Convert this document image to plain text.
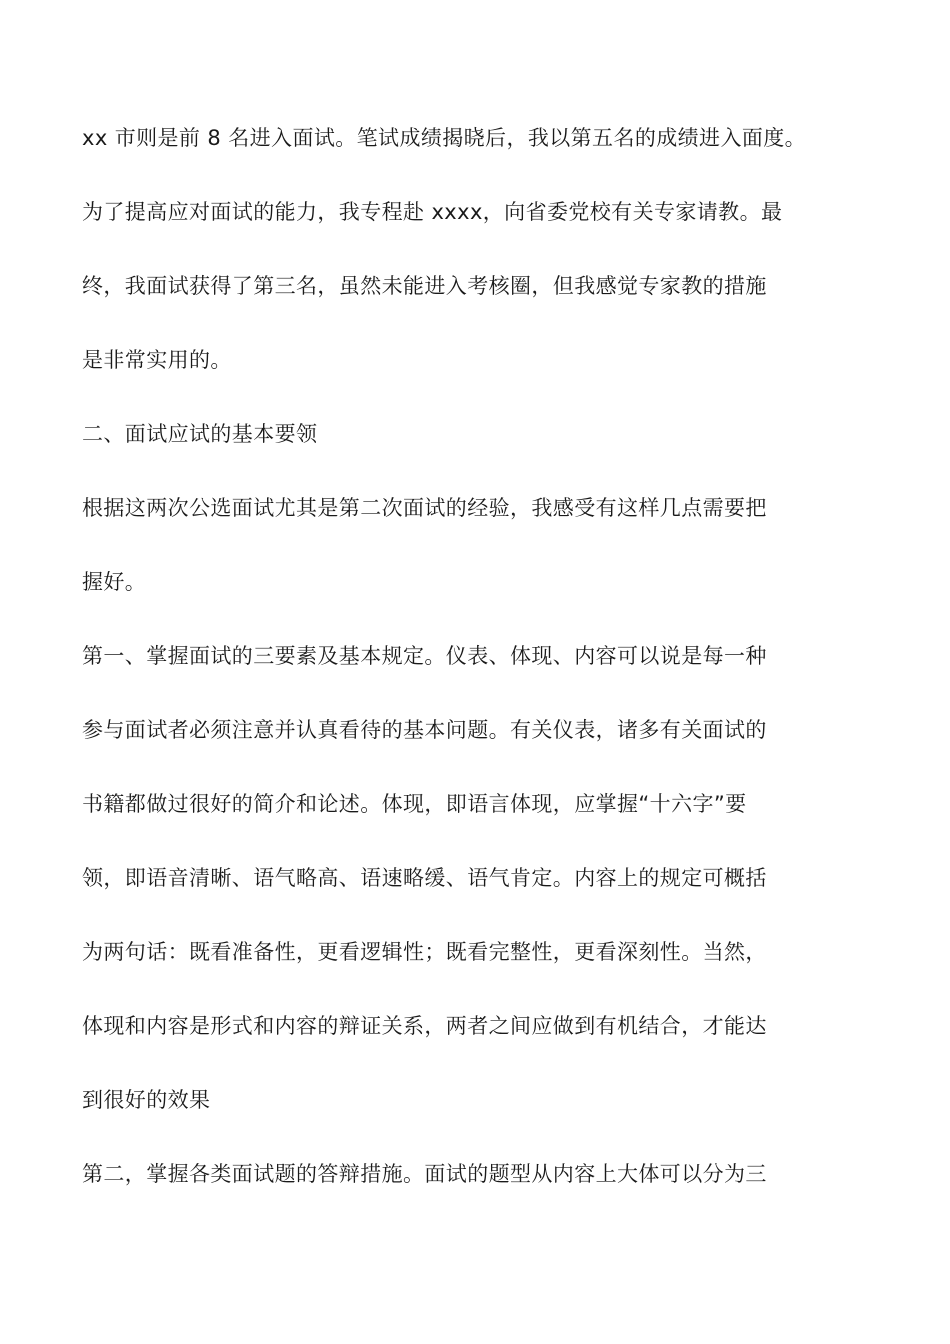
xx 市则是前 8 名进入面试。笔试成绩揭晓后，我以第五名的成绩进入面度。
为了提高应对面试的能力，我专程赴 xxxx，向省委党校有关专家请教。最
终，我面试获得了第三名，虽然未能进入考核圈，但我感觉专家教的措施
是非常实用的。
二、面试应试的基本要领
根据这两次公选面试尤其是第二次面试的经验，我感受有这样几点需要把
握好。
第一、掌握面试的三要素及基本规定。仪表、体现、内容可以说是每一种
参与面试者必须注意并认真看待的基本问题。有关仪表，诸多有关面试的
书籍都做过很好的简介和论述。体现，即语言体现，应掌握“十六字”要
领，即语音清晰、语气略高、语速略缓、语气肯定。内容上的规定可概括
为两句话：既看准备性，更看逻辑性；既看完整性，更看深刻性。当然，
体现和内容是形式和内容的辩证关系，两者之间应做到有机结合，才能达
到很好的效果
第二，掌握各类面试题的答辩措施。面试的题型从内容上大体可以分为三
